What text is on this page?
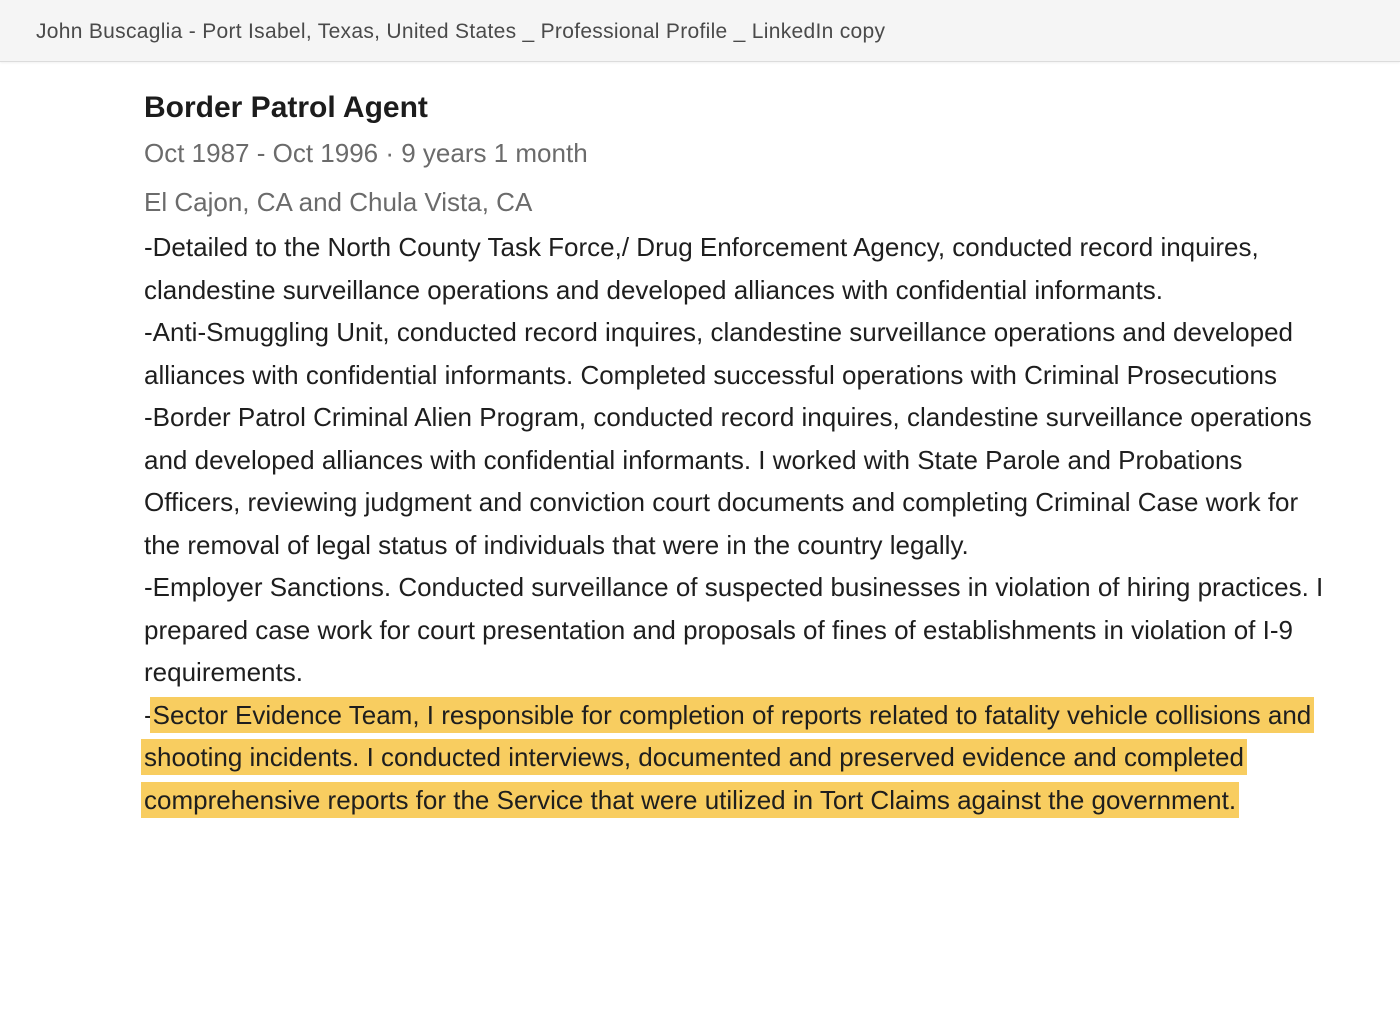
John Buscaglia - Port Isabel, Texas, United States _ Professional Profile _ LinkedIn copy
Border Patrol Agent
Oct 1987 - Oct 1996 · 9 years 1 month
El Cajon, CA and Chula Vista, CA

-Detailed to the North County Task Force,/ Drug Enforcement Agency, conducted record inquires, clandestine surveillance operations and developed alliances with confidential informants.

-Anti-Smuggling Unit, conducted record inquires, clandestine surveillance operations and developed alliances with confidential informants. Completed successful operations with Criminal Prosecutions

-Border Patrol Criminal Alien Program, conducted record inquires, clandestine surveillance operations and developed alliances with confidential informants. I worked with State Parole and Probations Officers, reviewing judgment and conviction court documents and completing Criminal Case work for the removal of legal status of individuals that were in the country legally.

-Employer Sanctions. Conducted surveillance of suspected businesses in violation of hiring practices. I prepared case work for court presentation and proposals of fines of establishments in violation of I-9 requirements.

-Sector Evidence Team, I responsible for completion of reports related to fatality vehicle collisions and shooting incidents. I conducted interviews, documented and preserved evidence and completed comprehensive reports for the Service that were utilized in Tort Claims against the government.
